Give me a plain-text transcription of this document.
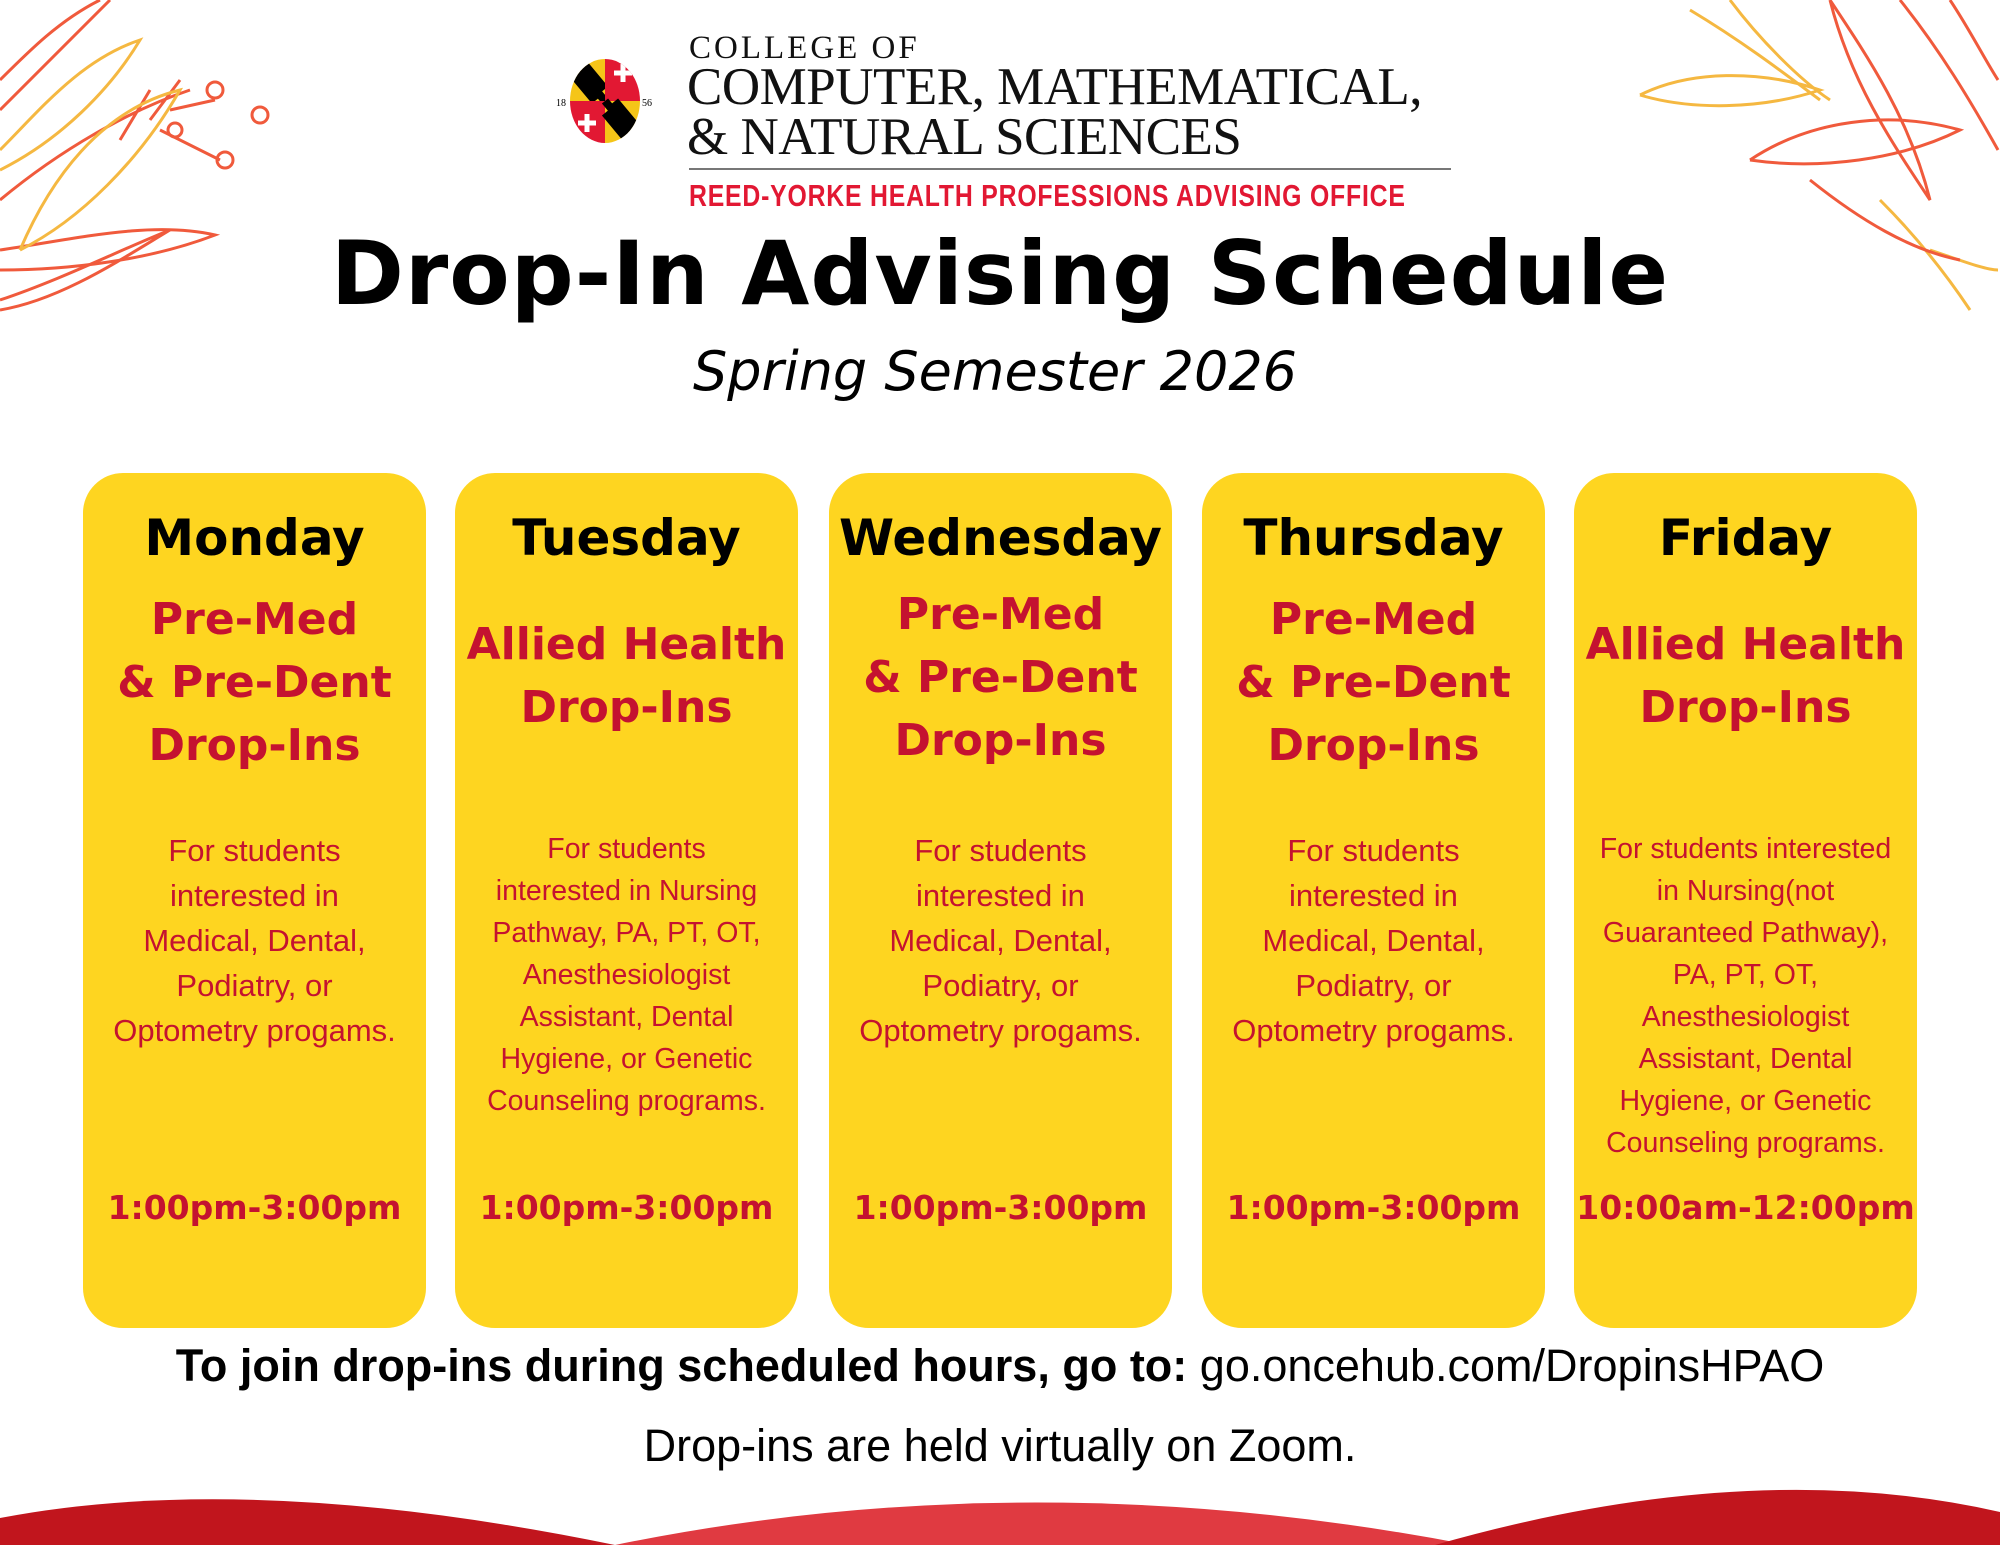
18	56
COLLEGE OF
COMPUTER, MATHEMATICAL,
& NATURAL SCIENCES
REED-YORKE HEALTH PROFESSIONS ADVISING OFFICE
Drop-In Advising Schedule
Spring Semester 2026
Monday
Pre-Med
& Pre-Dent
Drop-Ins
For students
interested in
Medical, Dental,
Podiatry, or
Optometry progams.
1:00pm-3:00pm
Tuesday
Allied Health
Drop-Ins
For students
interested in Nursing
Pathway, PA, PT, OT,
Anesthesiologist
Assistant, Dental
Hygiene, or Genetic
Counseling programs.
1:00pm-3:00pm
Wednesday
Pre-Med
& Pre-Dent
Drop-Ins
For students
interested in
Medical, Dental,
Podiatry, or
Optometry progams.
1:00pm-3:00pm
Thursday
Pre-Med
& Pre-Dent
Drop-Ins
For students
interested in
Medical, Dental,
Podiatry, or
Optometry progams.
1:00pm-3:00pm
Friday
Allied Health
Drop-Ins
For students interested
in Nursing(not
Guaranteed Pathway),
PA, PT, OT,
Anesthesiologist
Assistant, Dental
Hygiene, or Genetic
Counseling programs.
10:00am-12:00pm
To join drop-ins during scheduled hours, go to: go.oncehub.com/DropinsHPAO
Drop-ins are held virtually on Zoom.
